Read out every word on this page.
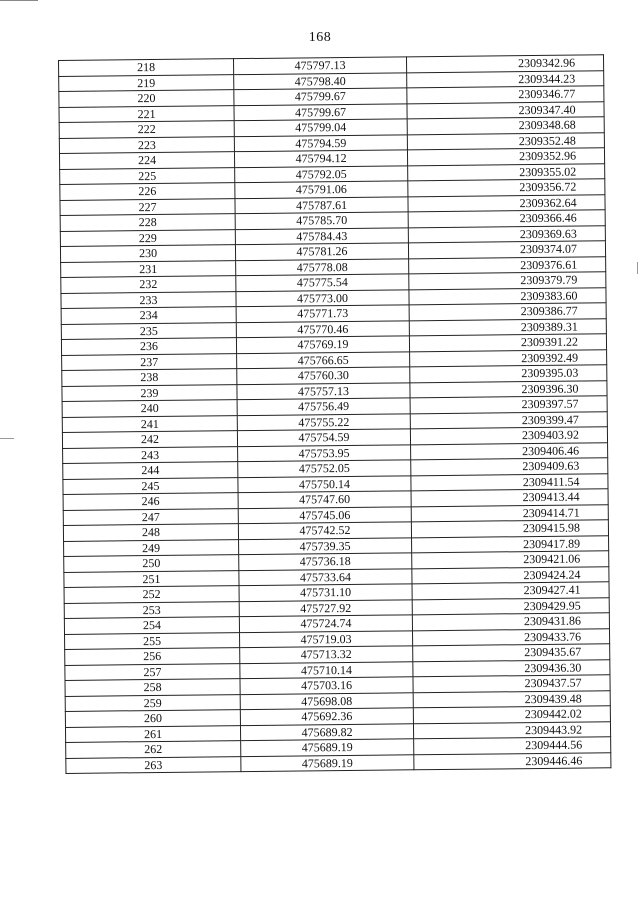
168
218	475797.13	2309342.96
219	475798.40	2309344.23
220	475799.67	2309346.77
221	475799.67	2309347.40
222	475799.04	2309348.68
223	475794.59	2309352.48
224	475794.12	2309352.96
225	475792.05	2309355.02
226	475791.06	2309356.72
227	475787.61	2309362.64
228	475785.70	2309366.46
229	475784.43	2309369.63
230	475781.26	2309374.07
231	475778.08	2309376.61
232	475775.54	2309379.79
233	475773.00	2309383.60
234	475771.73	2309386.77
235	475770.46	2309389.31
236	475769.19	2309391.22
237	475766.65	2309392.49
238	475760.30	2309395.03
239	475757.13	2309396.30
240	475756.49	2309397.57
241	475755.22	2309399.47
242	475754.59	2309403.92
243	475753.95	2309406.46
244	475752.05	2309409.63
245	475750.14	2309411.54
246	475747.60	2309413.44
247	475745.06	2309414.71
248	475742.52	2309415.98
249	475739.35	2309417.89
250	475736.18	2309421.06
251	475733.64	2309424.24
252	475731.10	2309427.41
253	475727.92	2309429.95
254	475724.74	2309431.86
255	475719.03	2309433.76
256	475713.32	2309435.67
257	475710.14	2309436.30
258	475703.16	2309437.57
259	475698.08	2309439.48
260	475692.36	2309442.02
261	475689.82	2309443.92
262	475689.19	2309444.56
263	475689.19	2309446.46
